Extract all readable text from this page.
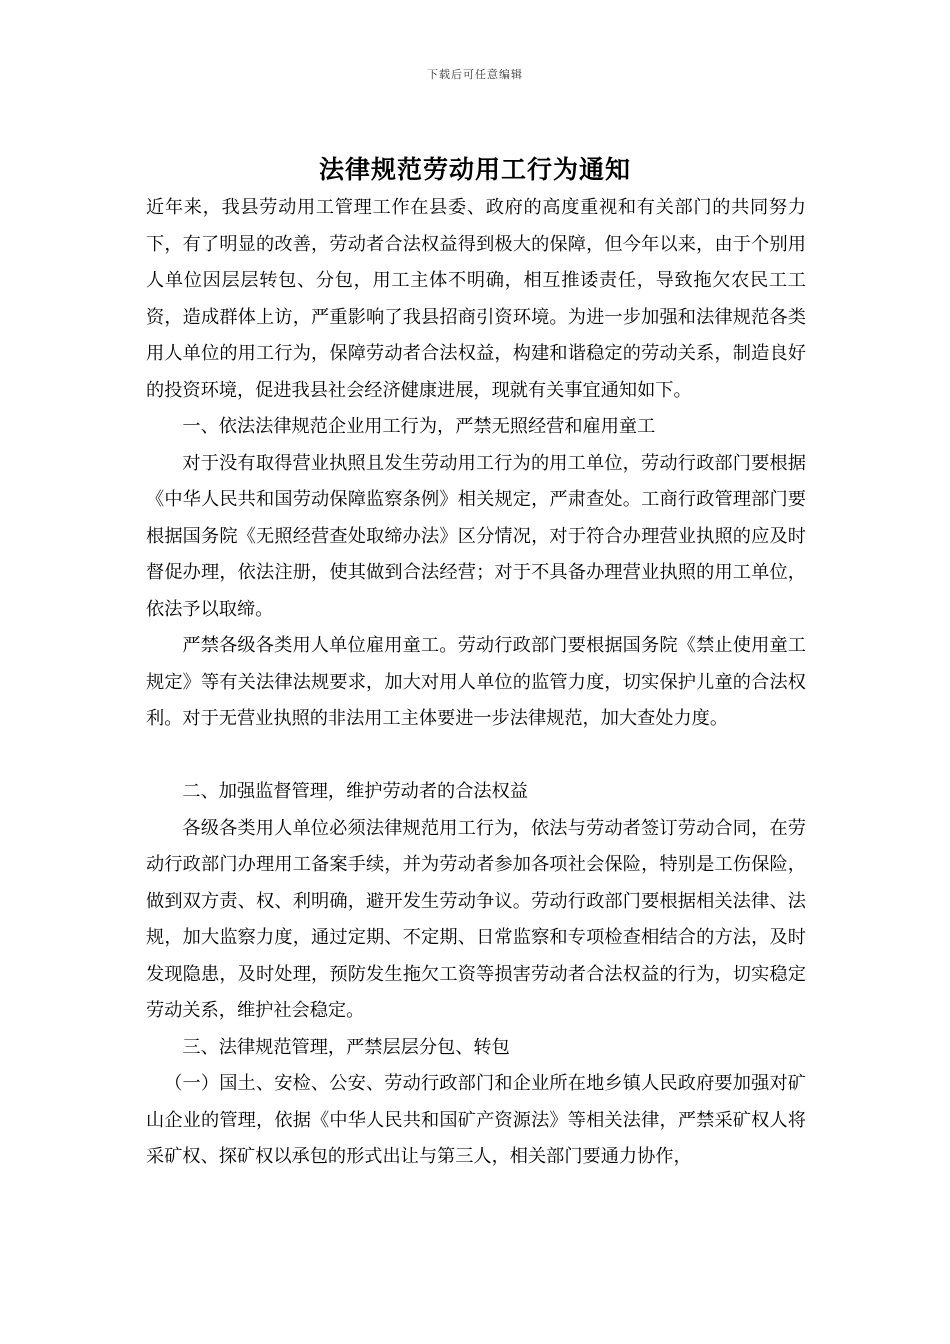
下载后可任意编辑
法律规范劳动用工行为通知

近年来，我县劳动用工管理工作在县委、政府的高度重视和有关部门的共同努力下，有了明显的改善，劳动者合法权益得到极大的保障，但今年以来，由于个别用人单位因层层转包、分包，用工主体不明确，相互推诿责任，导致拖欠农民工工资，造成群体上访，严重影响了我县招商引资环境。为进一步加强和法律规范各类用人单位的用工行为，保障劳动者合法权益，构建和谐稳定的劳动关系，制造良好的投资环境，促进我县社会经济健康进展，现就有关事宜通知如下。

一、依法法律规范企业用工行为，严禁无照经营和雇用童工

对于没有取得营业执照且发生劳动用工行为的用工单位，劳动行政部门要根据《中华人民共和国劳动保障监察条例》相关规定，严肃查处。工商行政管理部门要根据国务院《无照经营查处取缔办法》区分情况，对于符合办理营业执照的应及时督促办理，依法注册，使其做到合法经营；对于不具备办理营业执照的用工单位，依法予以取缔。

严禁各级各类用人单位雇用童工。劳动行政部门要根据国务院《禁止使用童工规定》等有关法律法规要求，加大对用人单位的监管力度，切实保护儿童的合法权利。对于无营业执照的非法用工主体要进一步法律规范，加大查处力度。

二、加强监督管理，维护劳动者的合法权益

各级各类用人单位必须法律规范用工行为，依法与劳动者签订劳动合同，在劳动行政部门办理用工备案手续，并为劳动者参加各项社会保险，特别是工伤保险，做到双方责、权、利明确，避开发生劳动争议。劳动行政部门要根据相关法律、法规，加大监察力度，通过定期、不定期、日常监察和专项检查相结合的方法，及时发现隐患，及时处理，预防发生拖欠工资等损害劳动者合法权益的行为，切实稳定劳动关系，维护社会稳定。

三、法律规范管理，严禁层层分包、转包

（一）国土、安检、公安、劳动行政部门和企业所在地乡镇人民政府要加强对矿山企业的管理，依据《中华人民共和国矿产资源法》等相关法律，严禁采矿权人将采矿权、探矿权以承包的形式出让与第三人，相关部门要通力协作，
